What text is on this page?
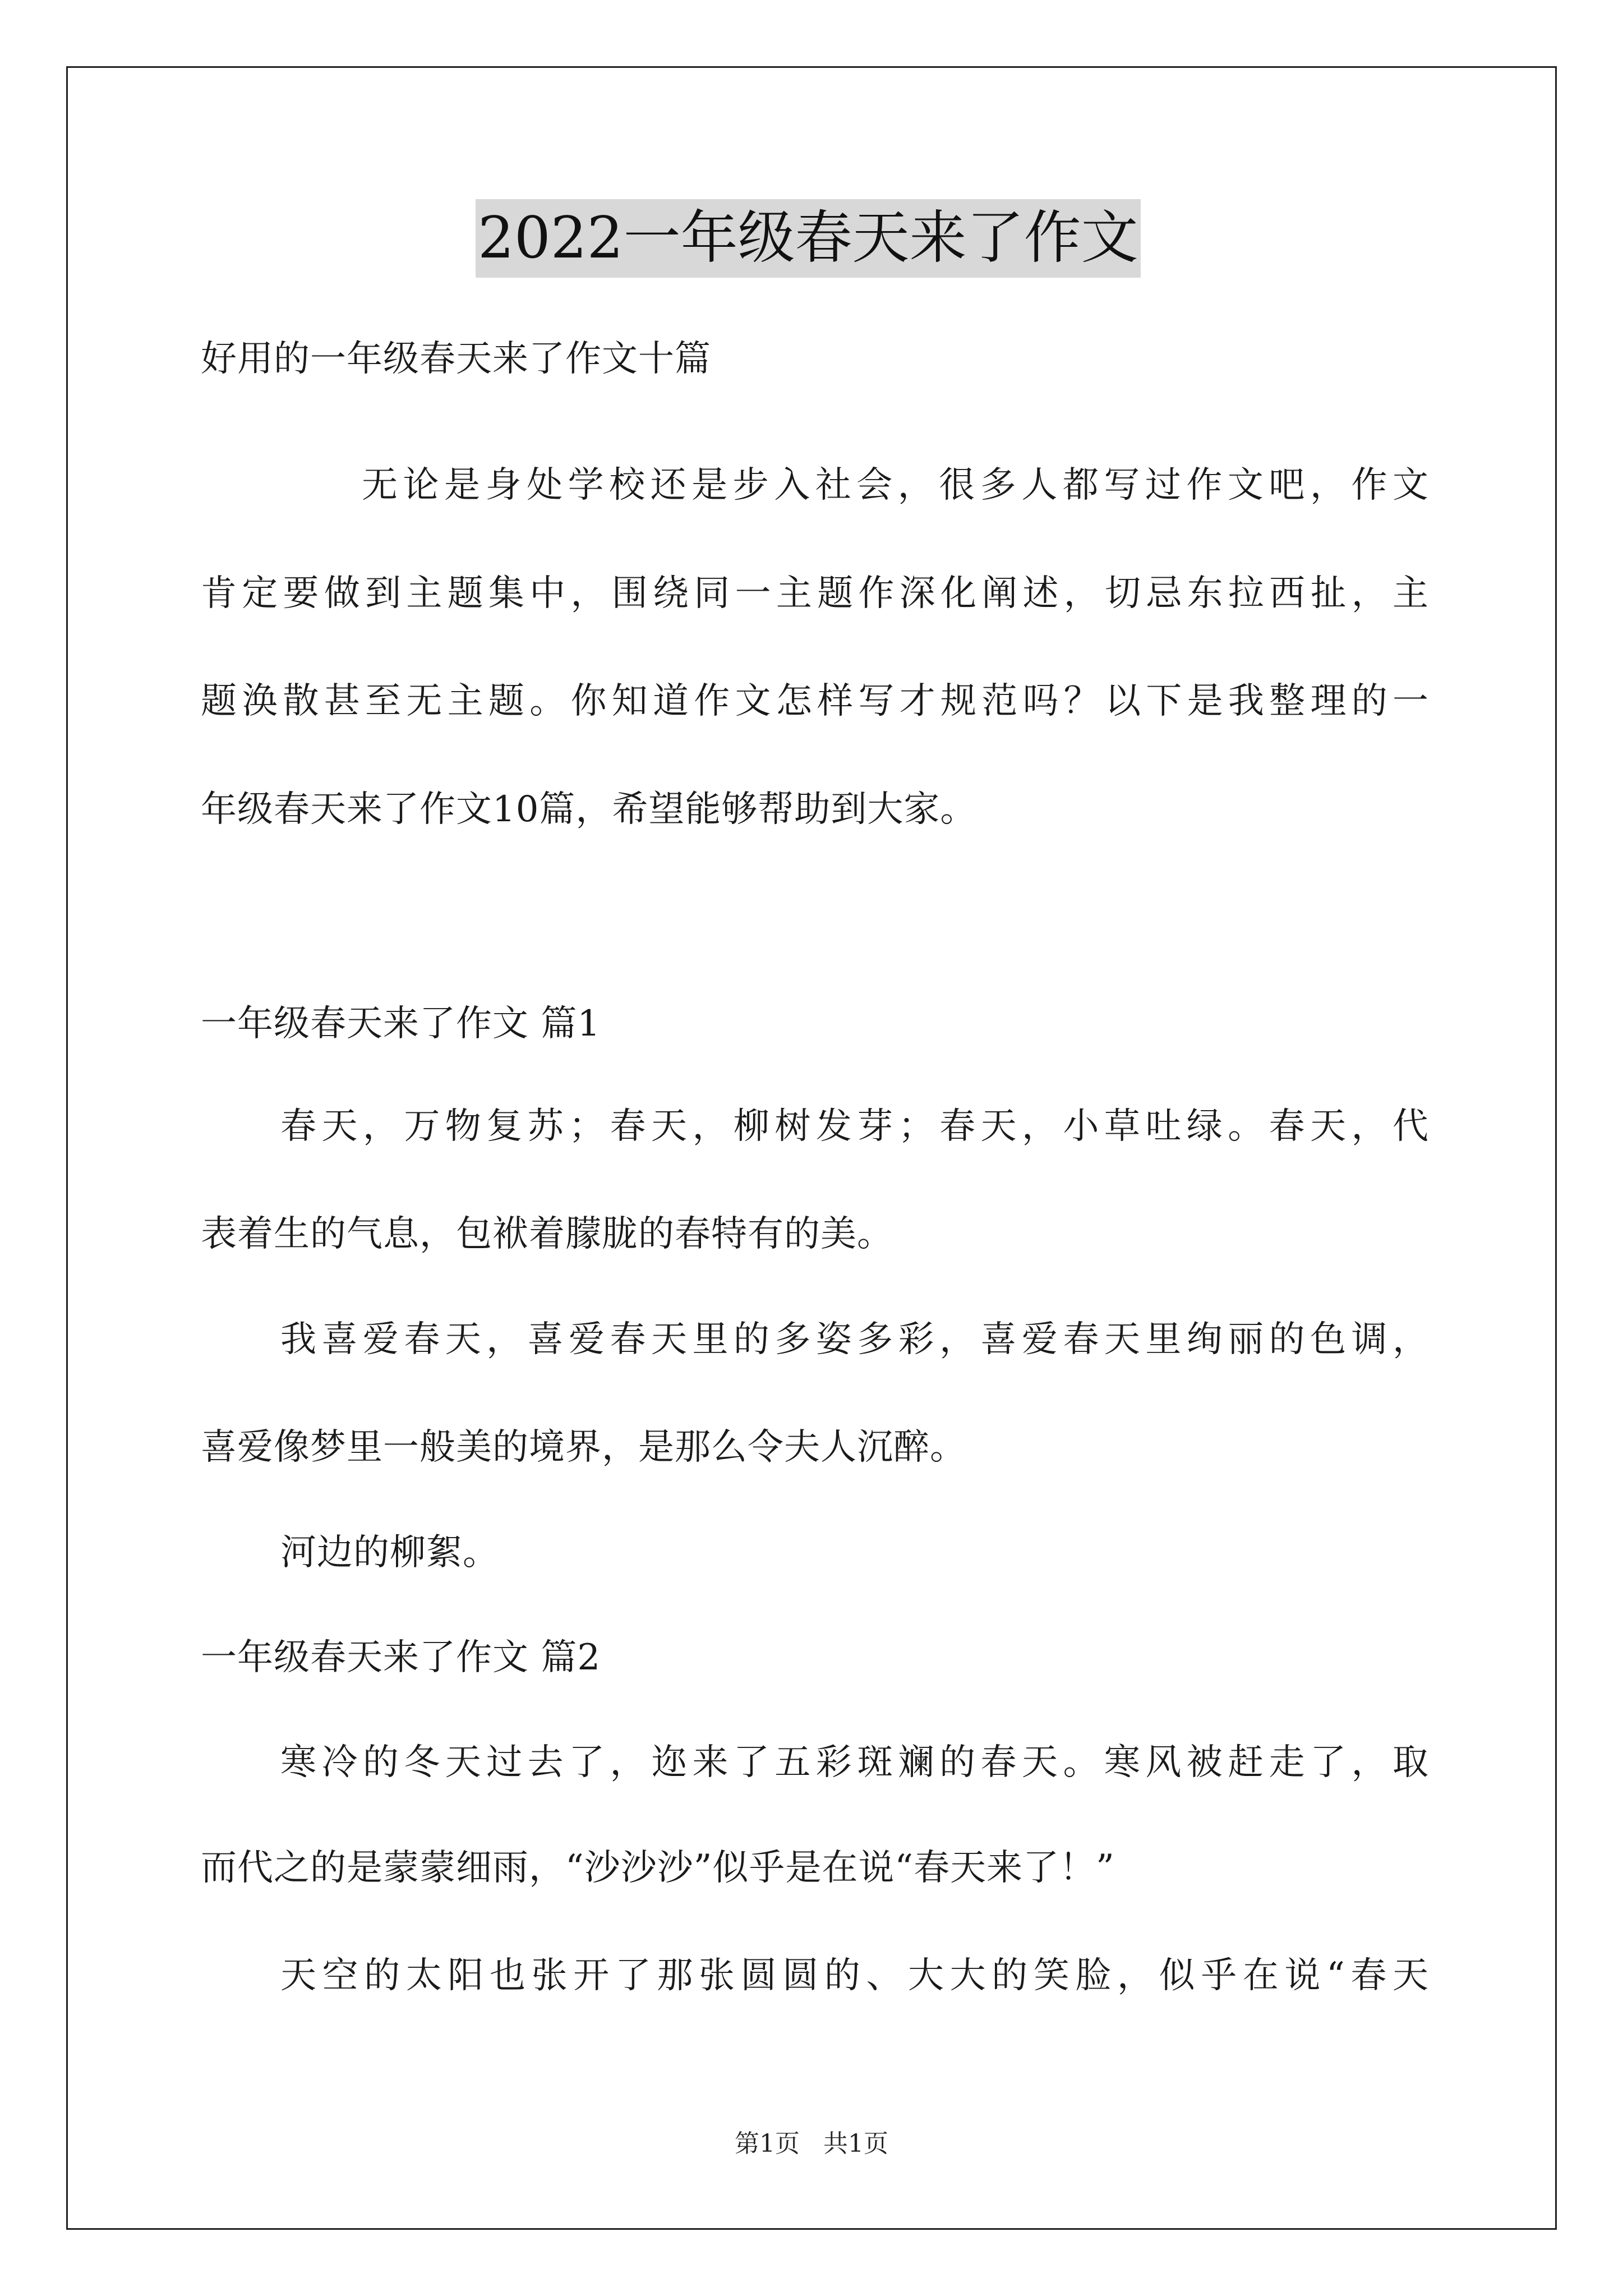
2022一年级春天来了作文
好用的一年级春天来了作文十篇
无论是身处学校还是步入社会，很多人都写过作文吧，作文
肯定要做到主题集中，围绕同一主题作深化阐述，切忌东拉西扯，主
题涣散甚至无主题。你知道作文怎样写才规范吗？以下是我整理的一
年级春天来了作文10篇，希望能够帮助到大家。
一年级春天来了作文 篇1
春天，万物复苏；春天，柳树发芽；春天，小草吐绿。春天，代
表着生的气息，包袱着朦胧的春特有的美。
我喜爱春天，喜爱春天里的多姿多彩，喜爱春天里绚丽的色调，
喜爱像梦里一般美的境界，是那么令夫人沉醉。
河边的柳絮。
一年级春天来了作文 篇2
寒冷的冬天过去了，迩来了五彩斑斓的春天。寒风被赶走了，取
而代之的是蒙蒙细雨，“沙沙沙”似乎是在说“春天来了！”
天空的太阳也张开了那张圆圆的、大大的笑脸，似乎在说“春天
第1页   共1页
